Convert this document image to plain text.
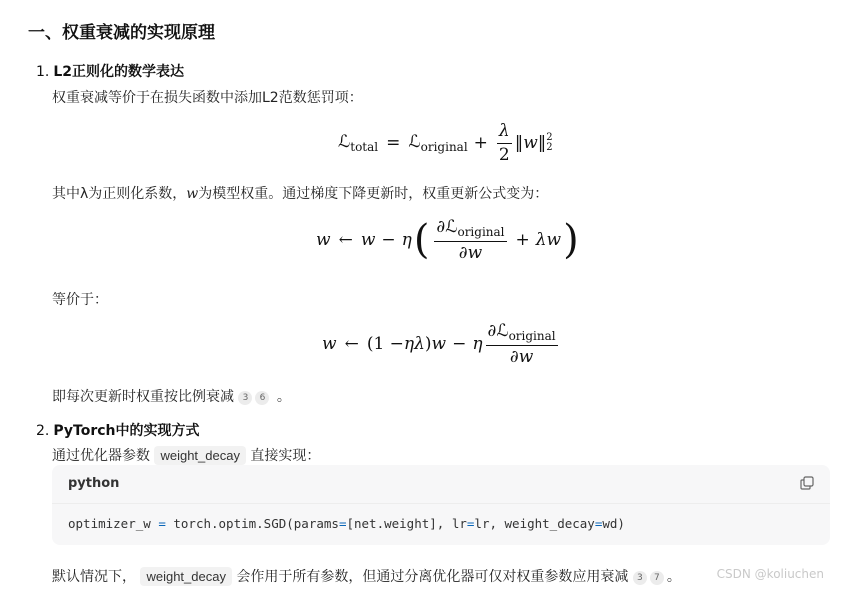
一、权重衰减的实现原理
1. L2正则化的数学表达
权重衰减等价于在损失函数中添加L2范数惩罚项：
ℒ$_{total}$ = ℒ$_{original}$ + $\frac{\lambda}{2}$ ‖w‖ 2
2
其中λ为正则化系数，w为模型权重。通过梯度下降更新时，权重更新公式变为：
w ← w − η ( $\frac{\partial ℒ_{original}}{\partial w} + \lambda w$ )
等价于：
w ← (1 − ηλ ) w − η $\frac{\partial ℒ_{original}}{\partial w}$
即每次更新时权重按比例衰减 3 6 。
2. PyTorch中的实现方式
通过优化器参数 weight_decay 直接实现：
python
optimizer_w = torch.optim.SGD(params=[net.weight], lr=lr, weight_decay=wd)
默认情况下， weight_decay 会作用于所有参数，但通过分离优化器可仅对权重参数应用衰减 3 7 。	CSDN @koliuchen
